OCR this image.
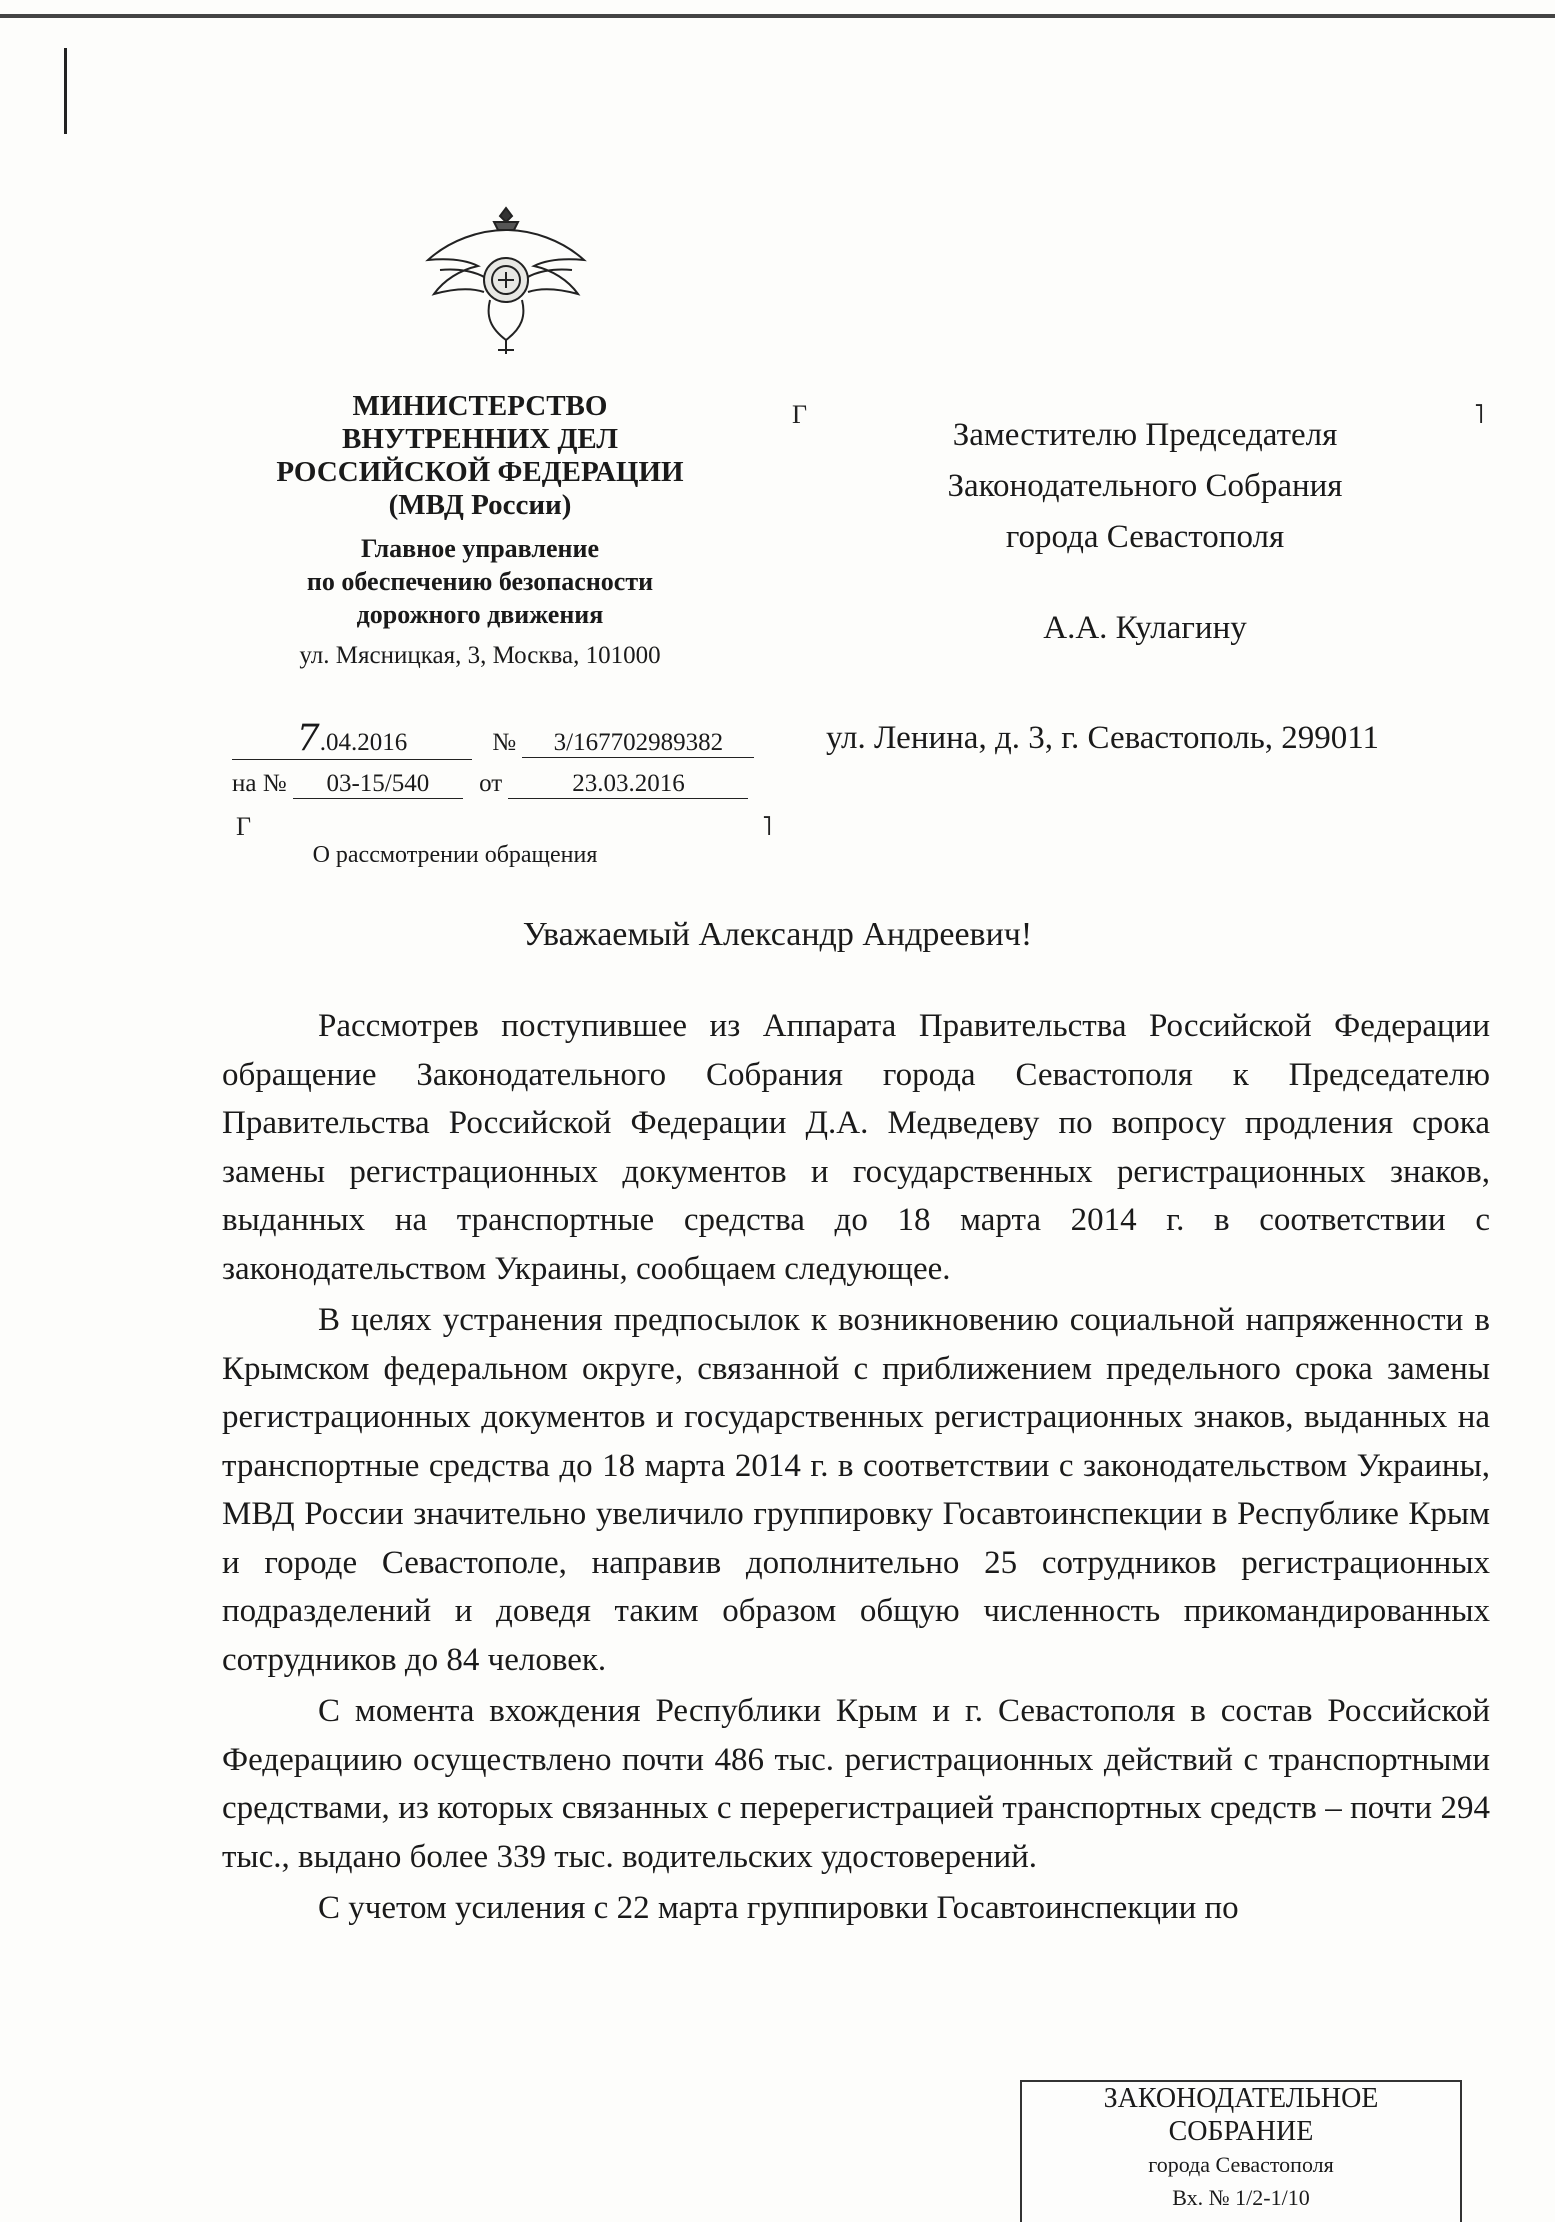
МИНИСТЕРСТВО
ВНУТРЕННИХ ДЕЛ
РОССИЙСКОЙ ФЕДЕРАЦИИ
(МВД России)
Главное управление
по обеспечению безопасности
дорожного движения
ул. Мясницкая, 3, Москва, 101000
Г	˥
Г	˥
7.04.2016	№ 3/167702989382
на № 03-15/540 от	23.03.2016
О рассмотрении обращения
Заместителю Председателя
Законодательного Собрания
города Севастополя
А.А. Кулагину
ул. Ленина, д. 3, г. Севастополь, 299011
Уважаемый Александр Андреевич!

Рассмотрев поступившее из Аппарата Правительства Российской Федерации обращение Законодательного Собрания города Севастополя к Председателю Правительства Российской Федерации Д.А. Медведеву по вопросу продления срока замены регистрационных документов и государственных регистрационных знаков, выданных на транспортные средства до 18 марта 2014 г. в соответствии с законодательством Украины, сообщаем следующее.

В целях устранения предпосылок к возникновению социальной напряженности в Крымском федеральном округе, связанной с приближением предельного срока замены регистрационных документов и государственных регистрационных знаков, выданных на транспортные средства до 18 марта 2014 г. в соответствии с законодательством Украины, МВД России значительно увеличило группировку Госавтоинспекции в Республике Крым и городе Севастополе, направив дополнительно 25 сотрудников регистрационных подразделений и доведя таким образом общую численность прикомандированных сотрудников до 84 человек.

С момента вхождения Республики Крым и г. Севастополя в состав Российской Федерациию осуществлено почти 486 тыс. регистрационных действий с транспортными средствами, из которых связанных с перерегистрацией транспортных средств – почти 294 тыс., выдано более 339 тыс. водительских удостоверений.

С учетом усиления с 22 марта группировки Госавтоинспекции по

ЗАКОНОДАТЕЛЬНОЕ
СОБРАНИЕ
города Севастополя
Вх. № 1/2-1/10
